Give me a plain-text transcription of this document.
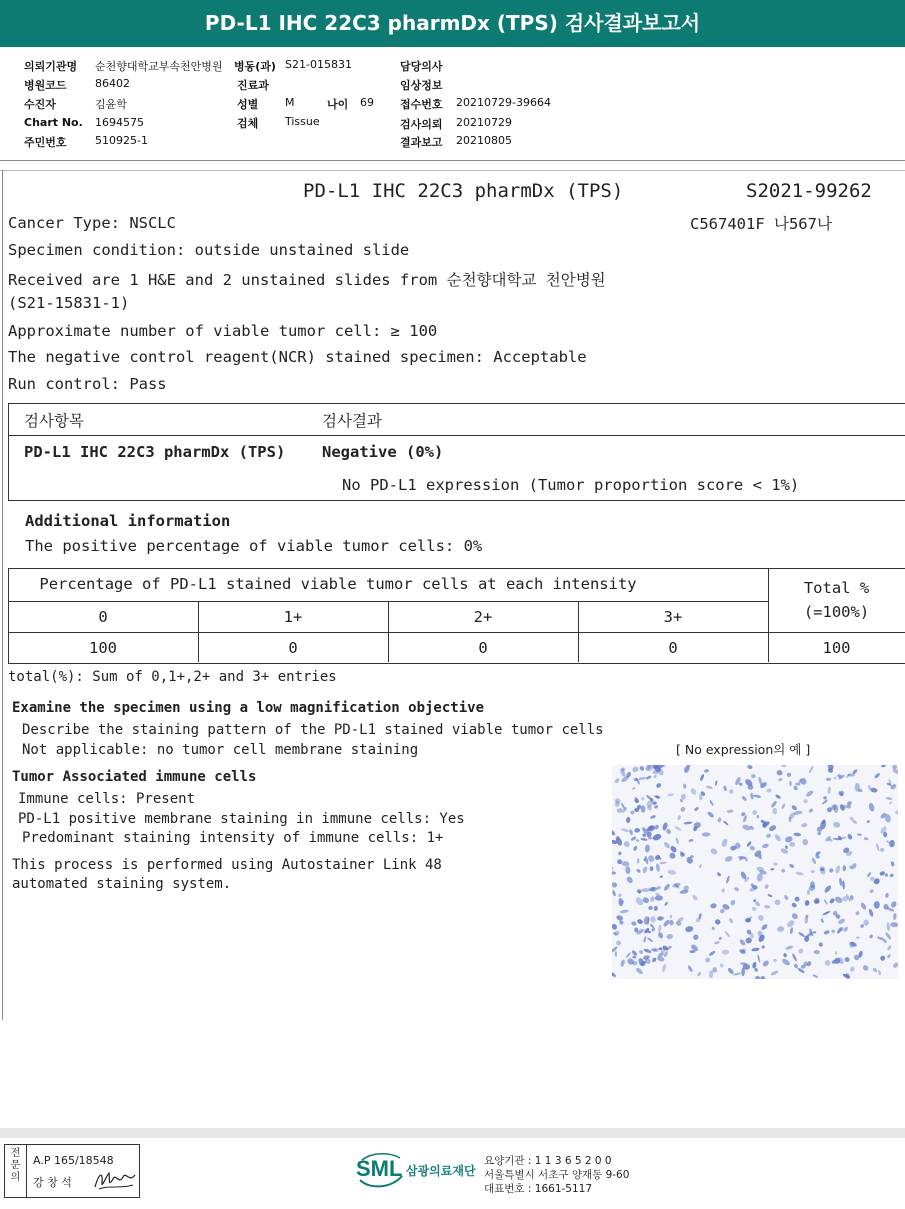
PD-L1 IHC 22C3 pharmDx (TPS) 검사결과보고서
의뢰기관명 순천향대학교부속천안병원 병동(과) S21-015831
병원코드	86402
수진자	김윤학
Chart No. 1694575
주민번호	510925-1
진료과
성별 M	나이 69
검체 Tissue
담당의사
임상정보
접수번호 20210729-39664
검사의뢰 20210729
결과보고 20210805
PD-L1 IHC 22C3 pharmDx (TPS)	S2021-99262
Cancer Type: NSCLC	C567401F 나567나
Specimen condition: outside unstained slide
Received are 1 H&E and 2 unstained slides from 순천향대학교 천안병원
(S21-15831-1)
Approximate number of viable tumor cell: ≥ 100
The negative control reagent(NCR) stained specimen: Acceptable
Run control: Pass
검사항목	검사결과
PD-L1 IHC 22C3 pharmDx (TPS) Negative (0%)
No PD-L1 expression (Tumor proportion score < 1%)
Additional information
The positive percentage of viable tumor cells: 0%
Percentage of PD-L1 stained viable tumor cells at each intensity	Total %
(=100%)
0	1+	2+	3+
100	0	0	0	100
total(%): Sum of 0,1+,2+ and 3+ entries
Examine the specimen using a low magnification objective
Describe the staining pattern of the PD-L1 stained viable tumor cells
Not applicable: no tumor cell membrane staining	[ No expression의 예 ]
Tumor Associated immune cells
Immune cells: Present
PD-L1 positive membrane staining in immune cells: Yes
Predominant staining intensity of immune cells: 1+
This process is performed using Autostainer Link 48
automated staining system.
전문의
A.P 165/18548
강 창 석
SML 삼광의료재단
요양기관 : 1 1 3 6 5 2 0 0
서울특별시 서초구 양재동 9-60
대표번호 : 1661-5117
